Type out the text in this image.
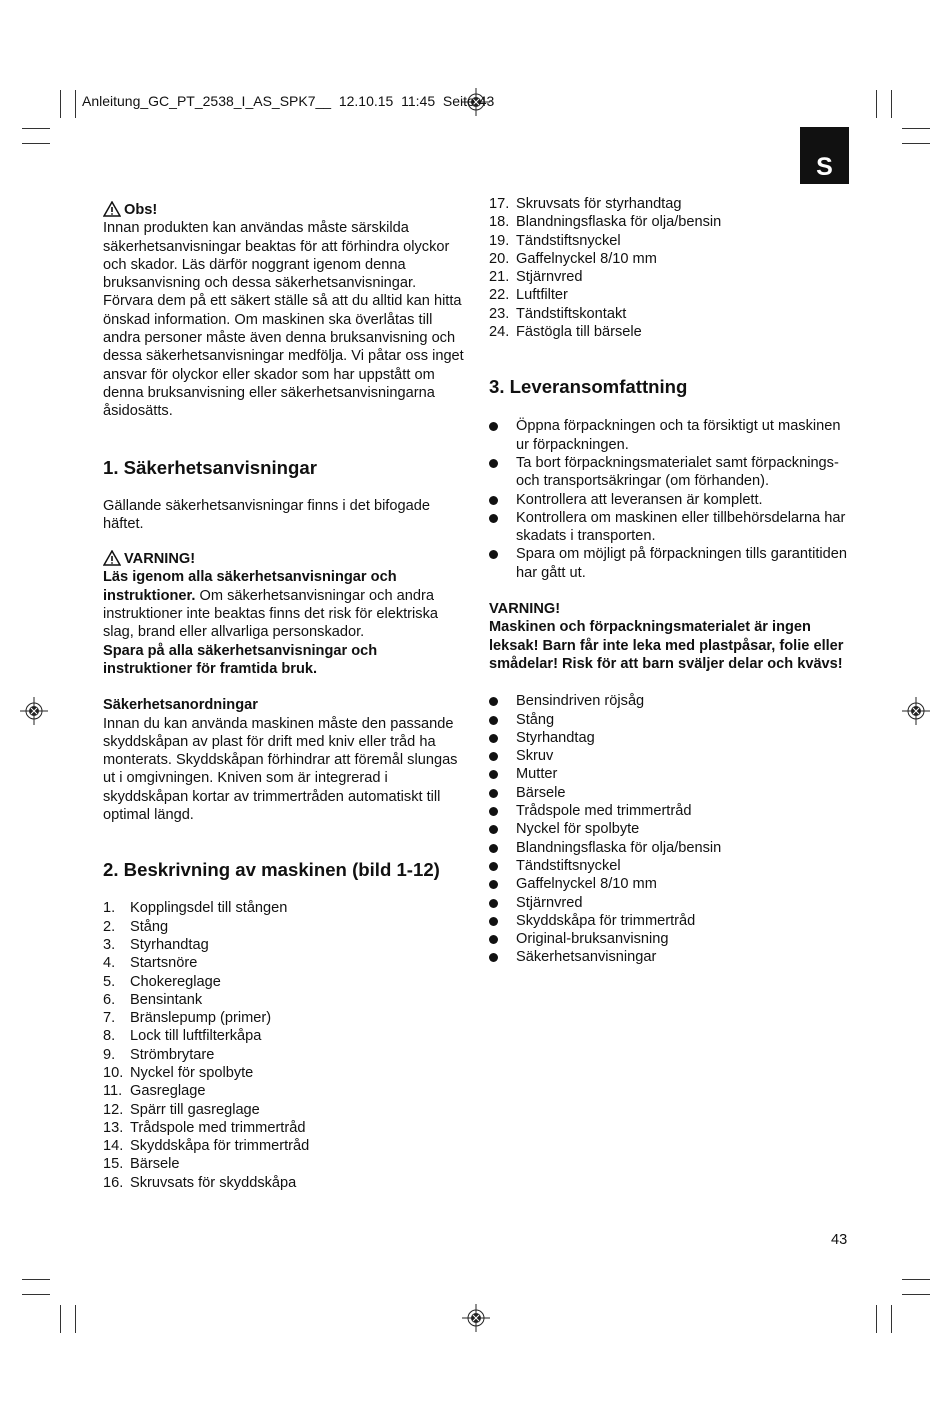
Anleitung_GC_PT_2538_I_AS_SPK7__  12.10.15  11:45  Seite 43
S
Obs!
Innan produkten kan användas måste särskilda säkerhetsanvisningar beaktas för att förhindra olyckor och skador. Läs därför noggrant igenom denna bruksanvisning och dessa säkerhetsanvisningar. Förvara dem på ett säkert ställe så att du alltid kan hitta önskad information. Om maskinen ska överlåtas till andra personer måste även denna bruksanvisning och dessa säkerhetsanvisningar medfölja. Vi påtar oss inget ansvar för olyckor eller skador som har uppstått om denna bruksanvisning eller säkerhetsanvisningarna åsidosätts.
1. Säkerhetsanvisningar
Gällande säkerhetsanvisningar finns i det bifogade häftet.
VARNING!
Läs igenom alla säkerhetsanvisningar och instruktioner. Om säkerhetsanvisningar och andra instruktioner inte beaktas finns det risk för elektriska slag, brand eller allvarliga personskador.
Spara på alla säkerhetsanvisningar och instruktioner för framtida bruk.
Säkerhetsanordningar
Innan du kan använda maskinen måste den passande skyddskåpan av plast för drift med kniv eller tråd ha monterats. Skyddskåpan förhindrar att föremål slungas ut i omgivningen. Kniven som är integrerad i skyddskåpan kortar av trimmertråden automatiskt till optimal längd.
2. Beskrivning av maskinen (bild 1-12)
1. Kopplingsdel till stången
2. Stång
3. Styrhandtag
4. Startsnöre
5. Chokereglage
6. Bensintank
7. Bränslepump (primer)
8. Lock till luftfilterkåpa
9. Strömbrytare
10. Nyckel för spolbyte
11. Gasreglage
12. Spärr till gasreglage
13. Trådspole med trimmertråd
14. Skyddskåpa för trimmertråd
15. Bärsele
16. Skruvsats för skyddskåpa
17. Skruvsats för styrhandtag
18. Blandningsflaska för olja/bensin
19. Tändstiftsnyckel
20. Gaffelnyckel 8/10 mm
21. Stjärnvred
22. Luftfilter
23. Tändstiftskontakt
24. Fästögla till bärsele
3. Leveransomfattning
Öppna förpackningen och ta försiktigt ut maskinen ur förpackningen.
Ta bort förpackningsmaterialet samt förpacknings- och transportsäkringar (om förhanden).
Kontrollera att leveransen är komplett.
Kontrollera om maskinen eller tillbehörsdelarna har skadats i transporten.
Spara om möjligt på förpackningen tills garantitiden har gått ut.
VARNING!
Maskinen och förpackningsmaterialet är ingen leksak! Barn får inte leka med plastpåsar, folie eller smådelar! Risk för att barn sväljer delar och kvävs!
Bensindriven röjsåg
Stång
Styrhandtag
Skruv
Mutter
Bärsele
Trådspole med trimmertråd
Nyckel för spolbyte
Blandningsflaska för olja/bensin
Tändstiftsnyckel
Gaffelnyckel 8/10 mm
Stjärnvred
Skyddskåpa för trimmertråd
Original-bruksanvisning
Säkerhetsanvisningar
43
